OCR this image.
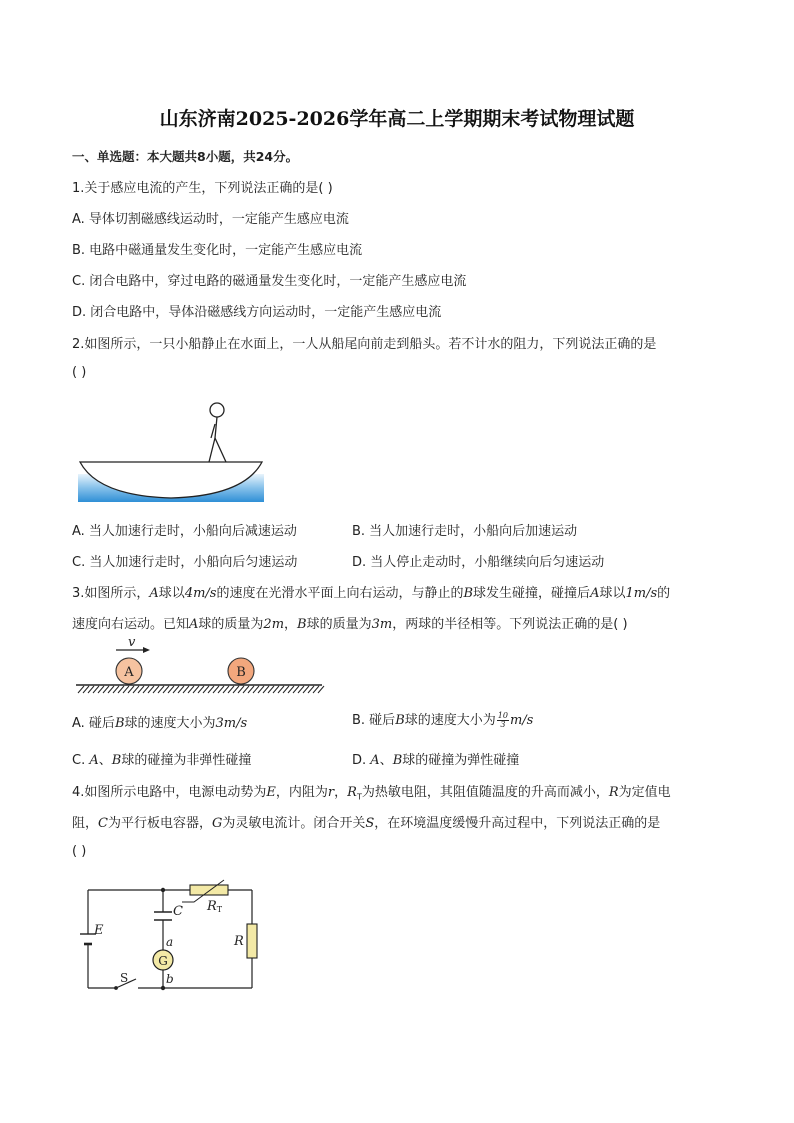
山东济南2025-2026学年高二上学期期末考试物理试题
一、单选题：本大题共8小题，共24分。
1.关于感应电流的产生，下列说法正确的是( )
A. 导体切割磁感线运动时，一定能产生感应电流
B. 电路中磁通量发生变化时，一定能产生感应电流
C. 闭合电路中，穿过电路的磁通量发生变化时，一定能产生感应电流
D. 闭合电路中，导体沿磁感线方向运动时，一定能产生感应电流
2.如图所示，一只小船静止在水面上，一人从船尾向前走到船头。若不计水的阻力，下列说法正确的是
( )
A. 当人加速行走时，小船向后减速运动	B. 当人加速行走时，小船向后加速运动
C. 当人加速行走时，小船向后匀速运动	D. 当人停止走动时，小船继续向后匀速运动
3.如图所示，A球以4m/s的速度在光滑水平面上向右运动，与静止的B球发生碰撞，碰撞后A球以1m/s的
速度向右运动。已知A球的质量为2m，B球的质量为3m，两球的半径相等。下列说法正确的是( )
v
A	B
A. 碰后B球的速度大小为3m/s	B. 碰后B球的速度大小为 $\frac{10}{3} m/s$
C. A、B球的碰撞为非弹性碰撞	D. A、B球的碰撞为弹性碰撞
4.如图所示电路中，电源电动势为E，内阻为r，$R_T$为热敏电阻，其阻值随温度的升高而减小，R为定值电
阻，C为平行板电容器，G为灵敏电流计。闭合开关S，在环境温度缓慢升高过程中，下列说法正确的是
( )
G
E
C RT
R
a
b
S
